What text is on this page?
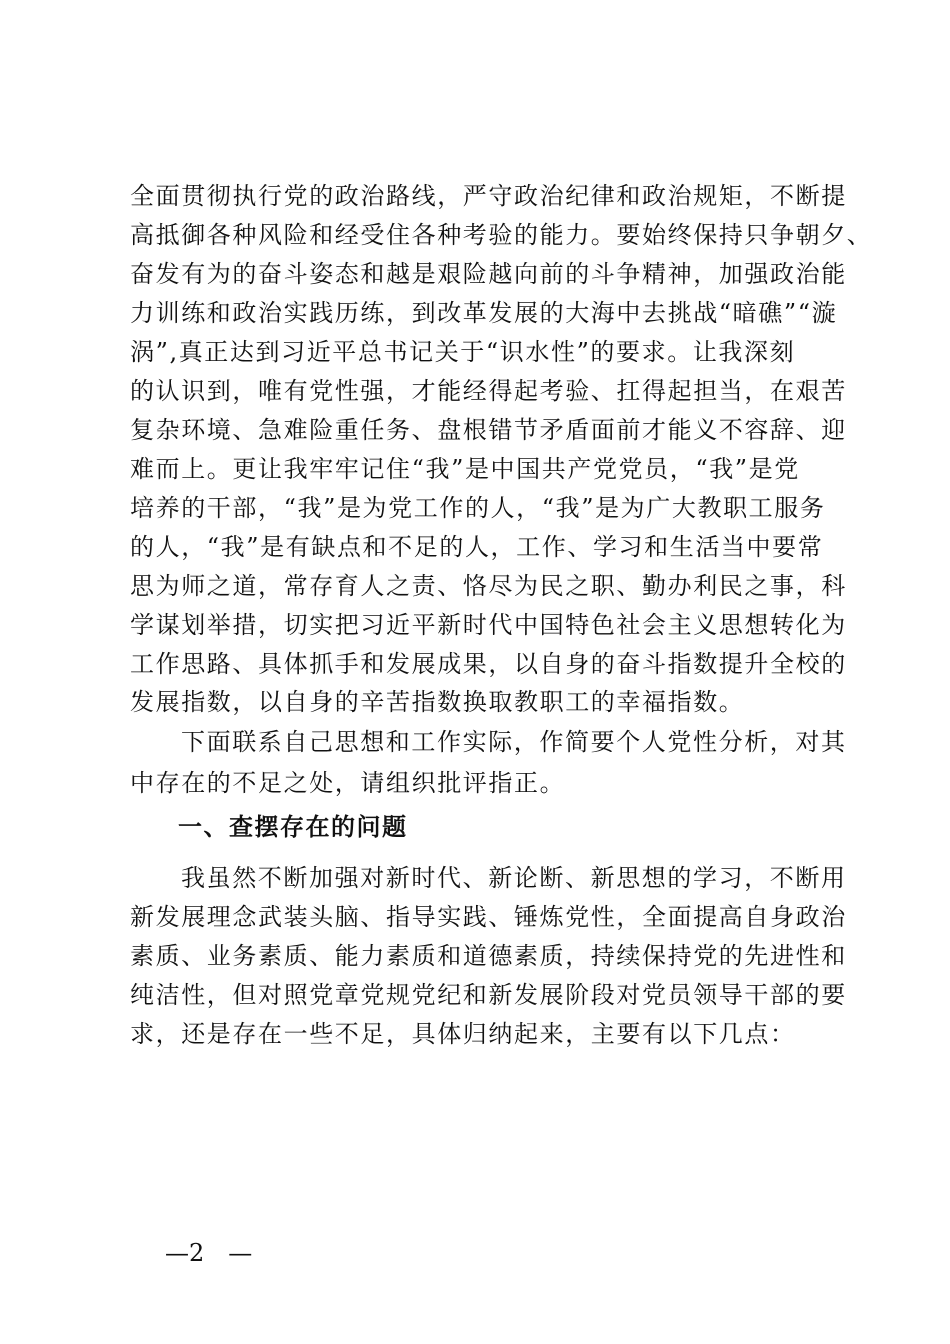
全面贯彻执行党的政治路线，严守政治纪律和政治规矩，不断提
高抵御各种风险和经受住各种考验的能力。要始终保持只争朝夕、
奋发有为的奋斗姿态和越是艰险越向前的斗争精神，加强政治能
力训练和政治实践历练，到改革发展的大海中去挑战“暗礁”“漩
涡”,真正达到习近平总书记关于“识水性”的要求。让我深刻
的认识到，唯有党性强，才能经得起考验、扛得起担当，在艰苦
复杂环境、急难险重任务、盘根错节矛盾面前才能义不容辞、迎
难而上。更让我牢牢记住“我”是中国共产党党员，“我”是党
培养的干部，“我”是为党工作的人，“我”是为广大教职工服务
的人，“我”是有缺点和不足的人，工作、学习和生活当中要常
思为师之道，常存育人之责、恪尽为民之职、勤办利民之事，科
学谋划举措，切实把习近平新时代中国特色社会主义思想转化为
工作思路、具体抓手和发展成果，以自身的奋斗指数提升全校的
发展指数，以自身的辛苦指数换取教职工的幸福指数。
下面联系自己思想和工作实际，作简要个人党性分析，对其
中存在的不足之处，请组织批评指正。
一、查摆存在的问题
我虽然不断加强对新时代、新论断、新思想的学习，不断用
新发展理念武装头脑、指导实践、锤炼党性，全面提高自身政治
素质、业务素质、能力素质和道德素质，持续保持党的先进性和
纯洁性，但对照党章党规党纪和新发展阶段对党员领导干部的要
求，还是存在一些不足，具体归纳起来，主要有以下几点：
—2　—
